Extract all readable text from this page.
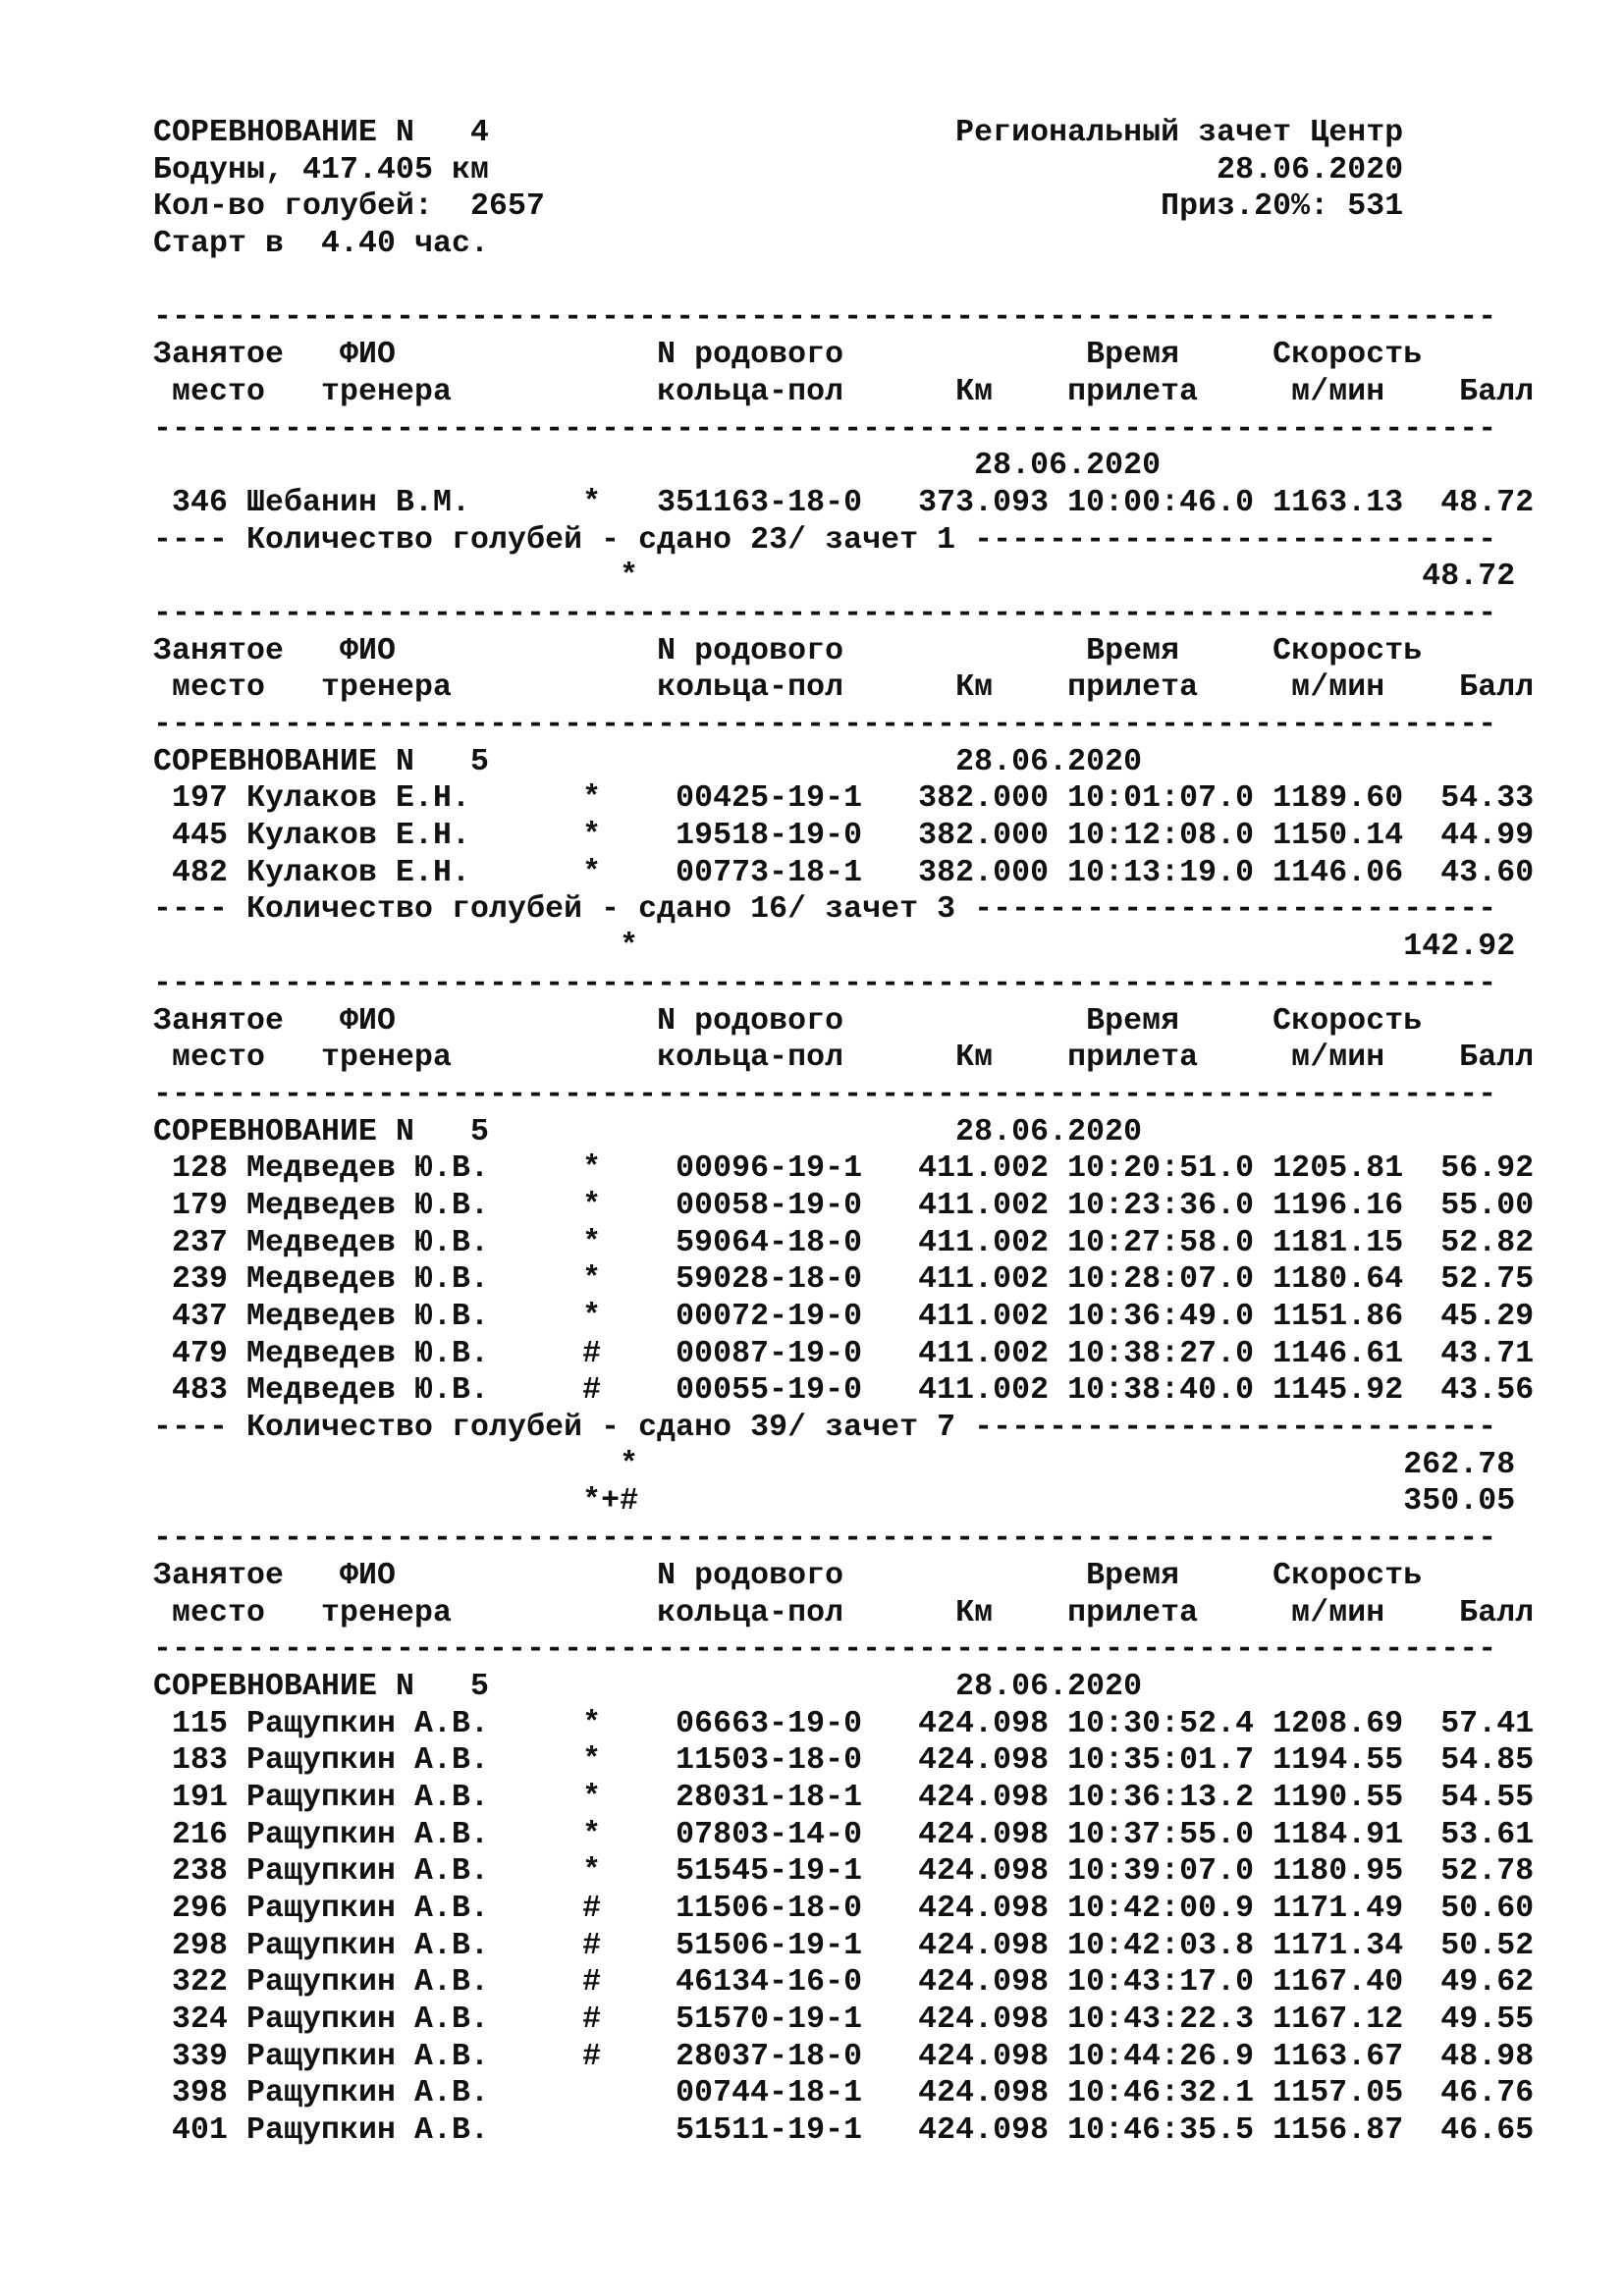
СОРЕВНОВАНИЕ N   4                         Региональный зачет Центр
Бодуны, 417.405 км                                       28.06.2020
Кол-во голубей:  2657                                 Приз.20%: 531
Старт в  4.40 час.
------------------------------------------------------------------------
Занятое   ФИО              N родового             Время     Скорость
место   тренера           кольца-пол      Км    прилета     м/мин    Балл
------------------------------------------------------------------------
28.06.2020
346 Шебанин В.М.      *   351163-18-0   373.093 10:00:46.0 1163.13  48.72
---- Количество голубей - сдано 23/ зачет 1 ----------------------------
*                                          48.72
------------------------------------------------------------------------
Занятое   ФИО              N родового             Время     Скорость
место   тренера           кольца-пол      Км    прилета     м/мин    Балл
------------------------------------------------------------------------
СОРЕВНОВАНИЕ N   5                         28.06.2020
197 Кулаков Е.Н.      *    00425-19-1   382.000 10:01:07.0 1189.60  54.33
445 Кулаков Е.Н.      *    19518-19-0   382.000 10:12:08.0 1150.14  44.99
482 Кулаков Е.Н.      *    00773-18-1   382.000 10:13:19.0 1146.06  43.60
---- Количество голубей - сдано 16/ зачет 3 ----------------------------
*                                         142.92
------------------------------------------------------------------------
Занятое   ФИО              N родового             Время     Скорость
место   тренера           кольца-пол      Км    прилета     м/мин    Балл
------------------------------------------------------------------------
СОРЕВНОВАНИЕ N   5                         28.06.2020
128 Медведев Ю.В.     *    00096-19-1   411.002 10:20:51.0 1205.81  56.92
179 Медведев Ю.В.     *    00058-19-0   411.002 10:23:36.0 1196.16  55.00
237 Медведев Ю.В.     *    59064-18-0   411.002 10:27:58.0 1181.15  52.82
239 Медведев Ю.В.     *    59028-18-0   411.002 10:28:07.0 1180.64  52.75
437 Медведев Ю.В.     *    00072-19-0   411.002 10:36:49.0 1151.86  45.29
479 Медведев Ю.В.     #    00087-19-0   411.002 10:38:27.0 1146.61  43.71
483 Медведев Ю.В.     #    00055-19-0   411.002 10:38:40.0 1145.92  43.56
---- Количество голубей - сдано 39/ зачет 7 ----------------------------
*                                         262.78
*+#                                         350.05
------------------------------------------------------------------------
Занятое   ФИО              N родового             Время     Скорость
место   тренера           кольца-пол      Км    прилета     м/мин    Балл
------------------------------------------------------------------------
СОРЕВНОВАНИЕ N   5                         28.06.2020
115 Ращупкин А.В.     *    06663-19-0   424.098 10:30:52.4 1208.69  57.41
183 Ращупкин А.В.     *    11503-18-0   424.098 10:35:01.7 1194.55  54.85
191 Ращупкин А.В.     *    28031-18-1   424.098 10:36:13.2 1190.55  54.55
216 Ращупкин А.В.     *    07803-14-0   424.098 10:37:55.0 1184.91  53.61
238 Ращупкин А.В.     *    51545-19-1   424.098 10:39:07.0 1180.95  52.78
296 Ращупкин А.В.     #    11506-18-0   424.098 10:42:00.9 1171.49  50.60
298 Ращупкин А.В.     #    51506-19-1   424.098 10:42:03.8 1171.34  50.52
322 Ращупкин А.В.     #    46134-16-0   424.098 10:43:17.0 1167.40  49.62
324 Ращупкин А.В.     #    51570-19-1   424.098 10:43:22.3 1167.12  49.55
339 Ращупкин А.В.     #    28037-18-0   424.098 10:44:26.9 1163.67  48.98
398 Ращупкин А.В.          00744-18-1   424.098 10:46:32.1 1157.05  46.76
401 Ращупкин А.В.          51511-19-1   424.098 10:46:35.5 1156.87  46.65
